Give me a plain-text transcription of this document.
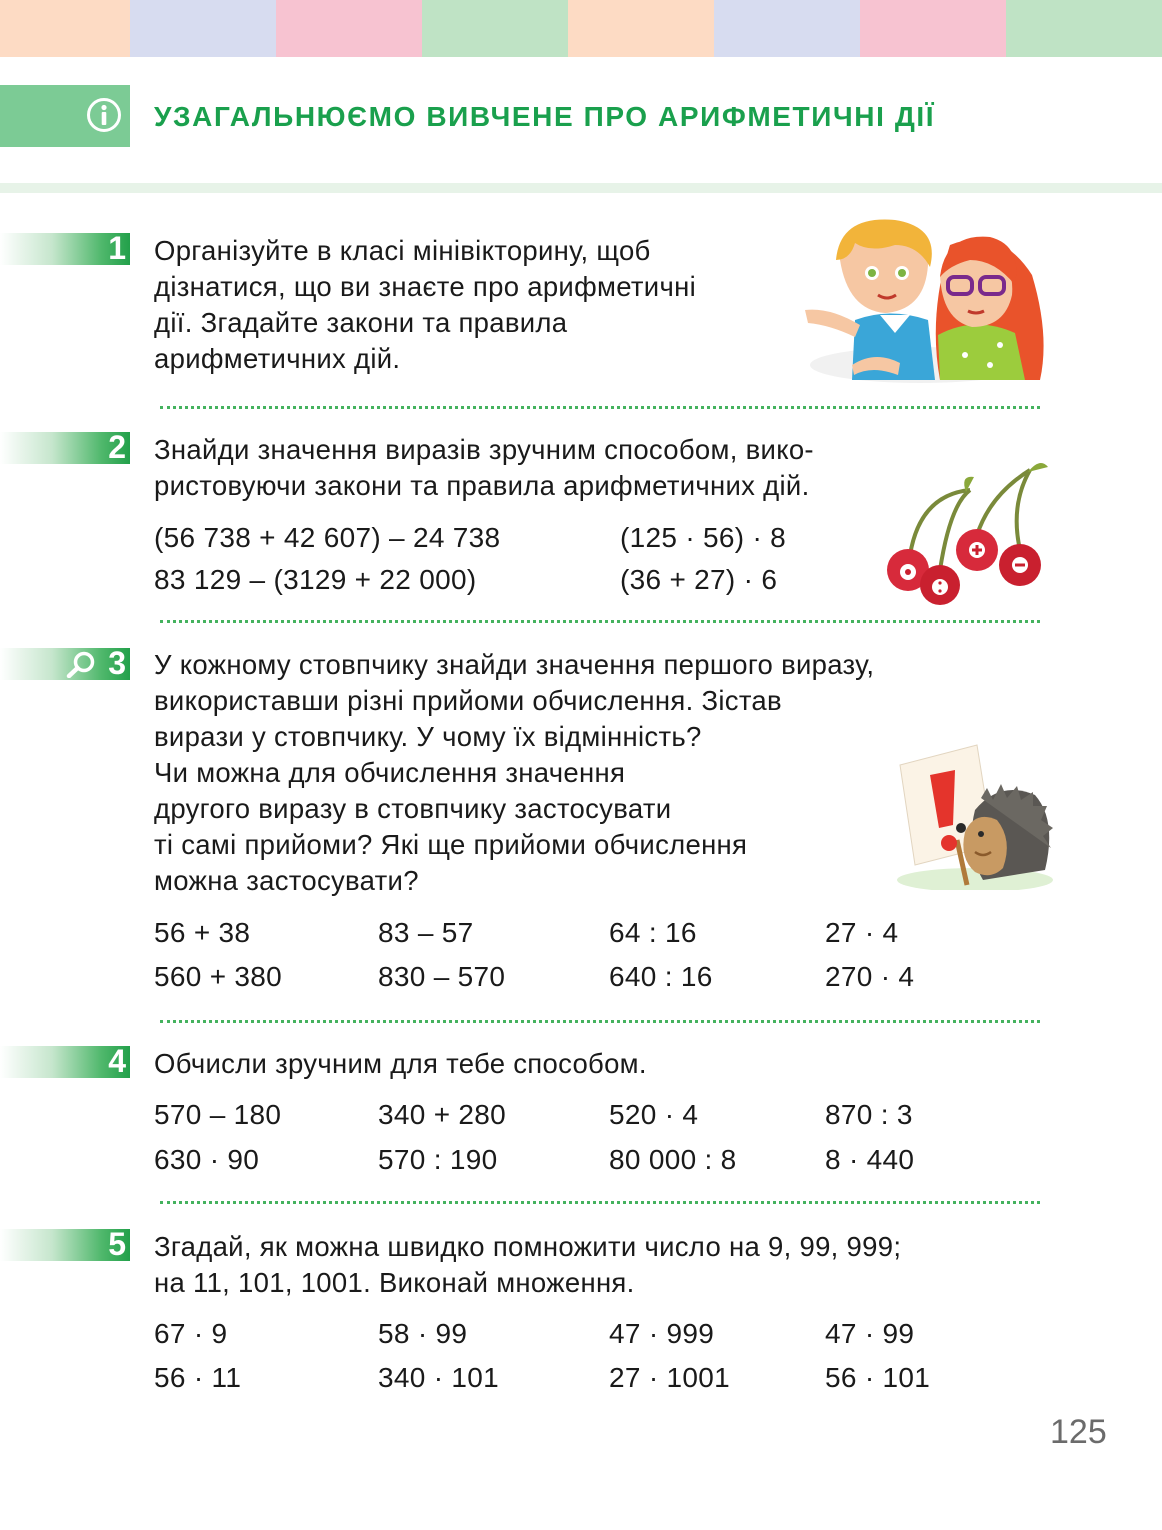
УЗАГАЛЬНЮЄМО ВИВЧЕНЕ ПРО АРИФМЕТИЧНІ ДІЇ
1 Організуйте в класі мінівікторину, щоб
дізнатися, що ви знаєте про арифметичні
дії. Згадайте закони та правила
арифметичних дій.
2 Знайди значення виразів зручним способом, вико-
ристовуючи закони та правила арифметичних дій.
(56 738 + 42 607) – 24 738	(125 · 56) · 8
83 129 – (3129 + 22 000)	(36 + 27) · 6
3 У кожному стовпчику знайди значення першого виразу,
використавши різні прийоми обчислення. Зістав
вирази у стовпчику. У чому їх відмінність?
Чи можна для обчислення значення
другого виразу в стовпчику застосувати
ті самі прийоми? Які ще прийоми обчислення
можна застосувати?
56 + 38	83 – 57	64 : 16	27 · 4
560 + 380	830 – 570	640 : 16	270 · 4
4 Обчисли зручним для тебе способом.
570 – 180	340 + 280	520 · 4	870 : 3
630 · 90	570 : 190	80 000 : 8	8 · 440
5 Згадай, як можна швидко помножити число на 9, 99, 999;
на 11, 101, 1001. Виконай множення.
67 · 9	58 · 99	47 · 999	47 · 99
56 · 11	340 · 101	27 · 1001	56 · 101
125
